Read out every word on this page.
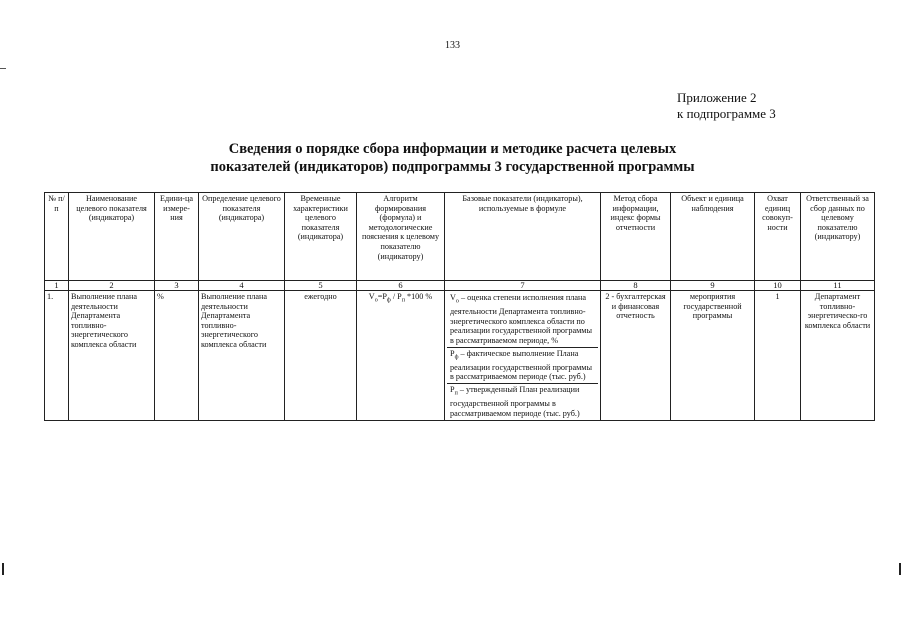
133
Приложение 2
к подпрограмме 3
Сведения о порядке сбора информации и методике расчета целевых
показателей (индикаторов) подпрограммы 3 государственной программы
№ п/п	Наименование целевого показателя (индикатора)	Едини-ца измере-ния	Определение целевого показателя (индикатора)	Временные характеристики целевого показателя (индикатора)	Алгоритм формирования (формула) и методологические пояснения к целевому показателю (индикатору)	Базовые показатели (индикаторы), используемые в формуле	Метод сбора информации, индекс формы отчетности	Объект и единица наблюдения	Охват единиц совокуп-ности	Ответственный за сбор данных по целевому показателю (индикатору)
1	2	3	4	5	6	7	8	9	10	11
1.	Выполнение плана деятельности Департамента топливно-энергетического комплекса области	%	Выполнение плана деятельности Департамента топливно-энергетического комплекса области	ежегодно	$V_о=Р_ф / Р_п$ *100 %	$V_о$ – оценка степени исполнения плана деятельности Департамента топливно-энергетического комплекса области по реализации государственной программы в рассматриваемом периоде, %
$Р_ф$ – фактическое выполнение Плана реализации государственной программы в рассматриваемом периоде (тыс. руб.)
$Р_п$ – утвержденный План реализации государственной программы в рассматриваемом периоде (тыс. руб.)	2 - бухгалтерская и финансовая отчетность	мероприятия государственной программы	1	Департамент топливно-энергетическо-го комплекса области
